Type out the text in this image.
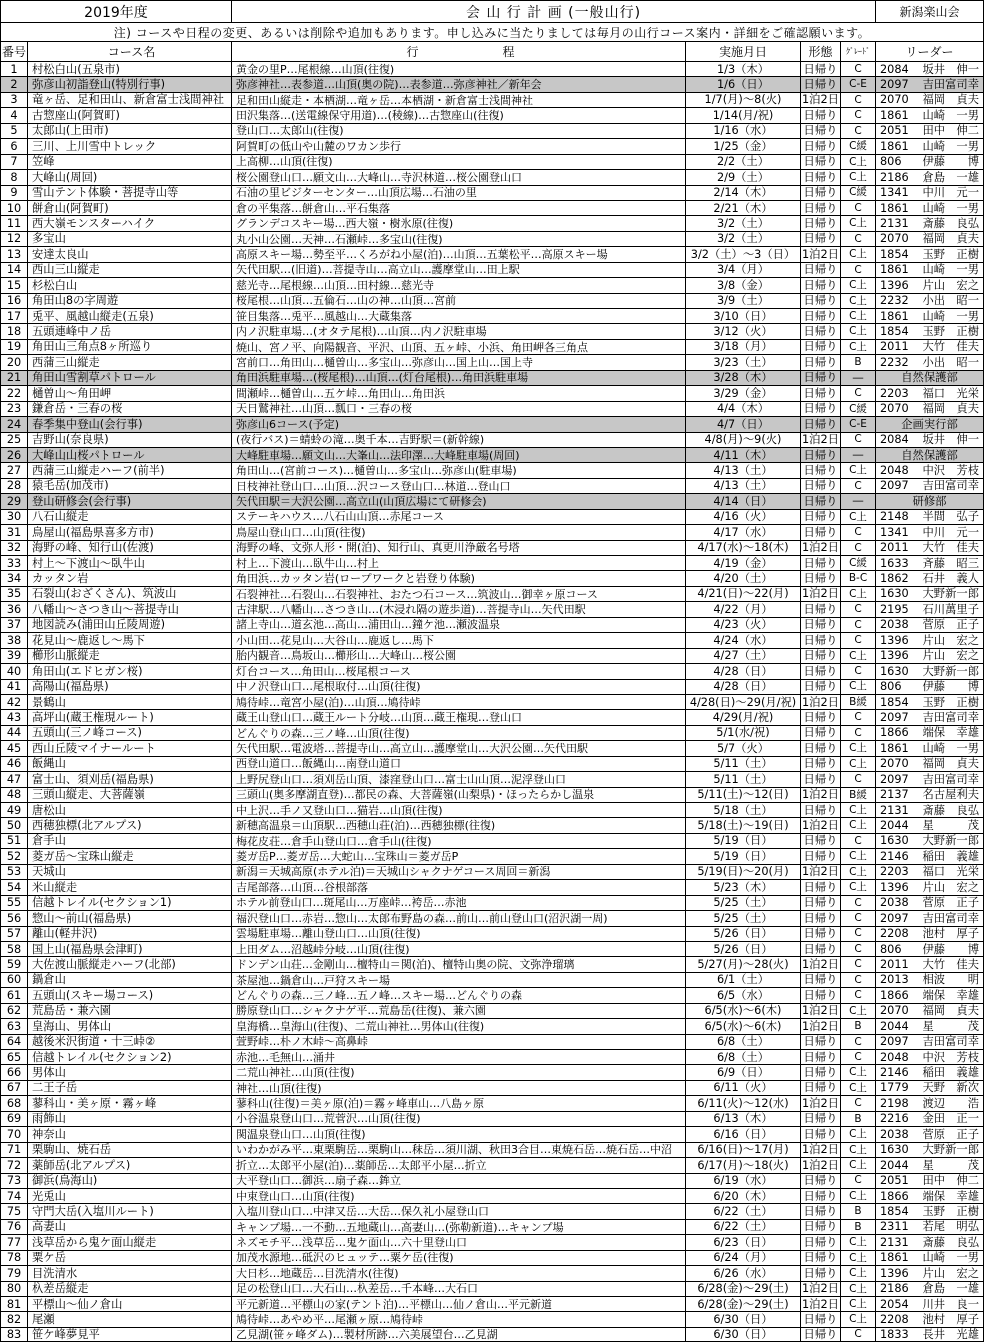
2019年度	会 山 行 計 画 (一般山行)	新潟楽山会
注) コースや日程の変更、あるいは削除や追加もあります。申し込みに当たりましては毎月の山行コース案内・詳細をご確認願います。
番号	コース名	行　　　　　　　程	実施月日	形態	ｸﾞﾚｰﾄﾞ	リーダー
1	村松白山(五泉市)	黄金の里P…尾根線…山頂(往復)	1/3（木）	日帰り	C	2084 坂井　伸一
2	弥彦山初詣登山(特別行事)	弥彦神社…表参道…山頂(奥の院)…表参道…弥彦神社／新年会	1/6（日）	日帰り	C-E	2097 吉田富司幸
3	竜ヶ岳、足和田山、新倉富士浅間神社	足和田山縦走・本栖湖…竜ヶ岳…本栖湖・新倉富士浅間神社	1/7(月)～8(火)	1泊2日	C	2070 福岡　貞夫
4	古惣座山(阿賀町)	田沢集落…(送電線保守用道)…(稜線)…古惣座山(往復)	1/14(月/祝)	日帰り	C	1861 山崎　一男
5	太郎山(上田市)	登山口…太郎山(往復)	1/16（水）	日帰り	C	2051 田中　伸二
6	三川、上川雪中トレック	阿賀町の低山や山麓のワカン歩行	1/25（金）	日帰り	C緩	1861 山崎　一男
7	笠峰	上高柳…山頂(往復)	2/2（土）	日帰り	C上	806 伊藤　　博
8	大峰山(周回)	桜公園登山口…願文山…大峰山…寺沢林道…桜公園登山口	2/9（土）	日帰り	C上	2186 倉島　一雄
9	雪山テント体験・菩提寺山等	石油の里ビジターセンター…山頂広場…石油の里	2/14（木）	日帰り	C緩	1341 中川　元一
10 餅倉山(阿賀町)	倉の平集落…餅倉山…平石集落	2/21（木）	日帰り	C	1861 山崎　一男
11 西大嶺モンスターハイク	グランデコスキー場…西大嶺・樹氷原(往復)	3/2（土）	日帰り	C上	2131 斎藤　良弘
12 多宝山	丸小山公園…天神…石瀬峠…多宝山(往復)	3/2（土）	日帰り	C	2070 福岡　貞夫
13 安達太良山	高原スキー場…勢至平…くろがね小屋(泊)…山頂…五葉松平…高原スキー場	3/2（土）～3（日） 1泊2日 C上	1854 玉野　正樹
14 西山三山縦走	矢代田駅…(旧道)…菩提寺山…高立山…護摩堂山…田上駅	3/4（月）	日帰り	C	1861 山崎　一男
15 杉松白山	慈光寺…尾根線…山頂…田村線…慈光寺	3/8（金）	日帰り	C上	1396 片山　宏之
16 角田山8の字周遊	桜尾根…山頂…五倫石…山の神…山頂…宮前	3/9（土）	日帰り	C上	2232 小出　昭一
17 兎平、風越山縦走(五泉)	笹目集落…兎平…風越山…大蔵集落	3/10（日）	日帰り	C上	1861 山崎　一男
18 五頭連峰中ノ岳	内ノ沢駐車場…(オタテ尾根)…山頂…内ノ沢駐車場	3/12（火）	日帰り	C上	1854 玉野　正樹
19 角田山三角点8ヶ所巡り	焼山、宮ノ平、向陽観音、平沢、山頂、五ヶ峠、小浜、角田岬各三角点	3/18（月）	日帰り	C上	2011 大竹　佳夫
20 西蒲三山縦走	宮前口…角田山…樋曽山…多宝山…弥彦山…国上山…国上寺	3/23（土）	日帰り	B	2232 小出　昭一
21 角田山雪割草パトロール	角田浜駐車場…(桜尾根)…山頂…(灯台尾根)…角田浜駐車場	3/28（木）	日帰り	―	自然保護部
22 樋曽山～角田岬	間瀬峠…樋曽山…五ケ峠…角田山…角田浜	3/29（金）	日帰り	C	2203 福口　光栄
23 鎌倉岳・三春の桜	天日鷲神社…山頂…瓢口・三春の桜	4/4（木）	日帰り	C緩	2070 福岡　貞夫
24 春季集中登山(会行事)	弥彦山6コース(予定)	4/7（日）	日帰り	C-E	企画実行部
25 吉野山(奈良県)	(夜行バス)＝蜻蛉の滝…奥千本…吉野駅＝(新幹線)	4/8(月)～9(火)	1泊2日	C	2084 坂井　伸一
26 大峰山山桜パトロール	大峰駐車場…願文山…大峯山…法印澤…大峰駐車場(周回)	4/11（木）	日帰り	―	自然保護部
27 西蒲三山縦走ハーフ(前半)	角田山…(宮前コース)…樋曽山…多宝山…弥彦山(駐車場)	4/13（土）	日帰り	C上	2048 中沢　芳枝
28 猿毛岳(加茂市)	日枝神社登山口…山頂…沢コース登山口…林道…登山口	4/13（土）	日帰り	C	2097 吉田富司幸
29 登山研修会(会行事)	矢代田駅＝大沢公園…高立山(山頂広場にて研修会)	4/14（日）	日帰り	―	研修部
30 八石山縦走	ステーキハウス…八石山山頂…赤尾コース	4/16（火）	日帰り	C上	2148 半間　弘子
31 鳥屋山(福島県喜多方市)	鳥屋山登山口…山頂(往復)	4/17（水）	日帰り	C	1341 中川　元一
32 海野の峰、知行山(佐渡)	海野の峰、文弥人形・開(泊)、知行山、真更川浄厳名号塔	4/17(水)～18(木)	1泊2日	C	2011 大竹　佳夫
33 村上～下渡山～臥牛山	村上…下渡山…臥牛山…村上	4/19（金）	日帰り	C緩	1633 斉藤　昭三
34 カッタン岩	角田浜…カッタン岩(ロープワークと岩登り体験)	4/20（土）	日帰り	B-C	1862 石井　義人
35 石裂山(おざくさん)、筑波山	石裂神社…石裂山…石裂神社、おたつ石コース…筑波山…御幸ヶ原コース	4/21(日)～22(月)	1泊2日 C上	1630 大野新一郎
36 八幡山～さつき山～菩提寺山	古津駅…八幡山…さつき山…(木浸れ隔の遊歩道)…菩提寺山…矢代田駅	4/22（月）	日帰り	C	2195 石川萬里子
37 地図読み(浦田山丘陵周遊)	諸上寺山…道玄池…高山…浦田山…鐘ケ池…瀬波温泉	4/23（火）	日帰り	C	2038 菅原　正子
38 花見山～鹿返し～馬下	小山田…花見山…大谷山…鹿返し…馬下	4/24（水）	日帰り	C	1396 片山　宏之
39 櫛形山脈縦走	胎内観音…鳥坂山…櫛形山…大峰山…桜公園	4/27（土）	日帰り	C上	1396 片山　宏之
40 角田山(エドヒガン桜)	灯台コース…角田山…桜尾根コース	4/28（日）	日帰り	C	1630 大野新一郎
41 高陽山(福島県)	中ノ沢登山口…尾根取付…山頂(往復)	4/28（日）	日帰り	C上	806 伊藤　　博
42 景鶴山	鳩待峠…竜宮小屋(泊)…山頂…鳩待峠	4/28(日)～29(月/祝) 1泊2日 B緩	1854 玉野　正樹
43 高坪山(蔵王権現ルート)	蔵王山登山口…蔵王ルート分岐…山頂…蔵王権現…登山口	4/29(月/祝)	日帰り	C	2097 吉田富司幸
44 五頭山(三ノ峰コース)	どんぐりの森…三ノ峰…山頂(往復)	5/1(水/祝)	日帰り	C	1866 端保　幸雄
45 西山丘陵マイナールート	矢代田駅…電波塔…菩提寺山…高立山…護摩堂山…大沢公園…矢代田駅	5/7（火）	日帰り	C上	1861 山崎　一男
46 飯縄山	西登山道口…飯縄山…南登山道口	5/11（土）	日帰り	C上	2070 福岡　貞夫
47 富士山、須刈岳(福島県)	上野尻登山口…須刈岳山頂、漆窪登山口…富士山山頂…泥浮登山口	5/11（土）	日帰り	C	2097 吉田富司幸
48 三頭山縦走、大菩薩嶺	三頭山(奥多摩湖直登)…都民の森、大菩薩嶺(山梨県)・ほったらかし温泉	5/11(土)～12(日)	1泊2日 B緩	2137 名古屋利夫
49 唐松山	中上沢…手ノ又登山口…猫岩…山頂(往復)	5/18（土）	日帰り	C上	2131 斎藤　良弘
50 西穂独標(北アルプス)	新穂高温泉＝山頂駅…西穂山荘(泊)…西穂独標(往復)	5/18(土)～19(日)	1泊2日 C上	2044 星　　　茂
51 倉手山	梅花皮荘…倉手山登山口…倉手山(往復)	5/19（日）	日帰り	C	1630 大野新一郎
52 菱ガ岳～宝珠山縦走	菱ガ岳P…菱ガ岳…大蛇山…宝珠山＝菱ガ岳P	5/19（日）	日帰り	C上	2146 稲田　義雄
53 天城山	新潟＝天城高原(ホテル泊)＝天城山シャクナゲコース周回＝新潟	5/19(日)～20(月)	1泊2日 C上	2203 福口　光栄
54 米山縦走	吉尾部落…山頂…谷根部落	5/23（木）	日帰り	C上	1396 片山　宏之
55 信越トレイル(セクション1)	ホテル前登山口…斑尾山…万座峠…袴岳…赤池	5/25（土）	日帰り	C	2038 菅原　正子
56 惣山～前山(福島県)	福沢登山口…赤岩…惣山…太郎布野島の森…前山…前山登山口(沼沢湖一周)	5/25（土）	日帰り	C	2097 吉田富司幸
57 離山(軽井沢)	雲場駐車場…離山登山口…山頂(往復)	5/26（日）	日帰り	C	2208 池村　厚子
58 国上山(福島県会津町)	上田ダム…沼越峠分岐…山頂(往復)	5/26（日）	日帰り	C	806 伊藤　　博
59 大佐渡山脈縦走ハーフ(北部)	ドンデン山荘…金剛山…檀特山＝関(泊)、檀特山奥の院、文弥浄瑠璃	5/27(月)～28(火)	1泊2日	C	2011 大竹　佳夫
60 鍋倉山	茶屋池…鍋倉山…戸狩スキー場	6/1（土）	日帰り	C	2013 相波　　明
61 五頭山(スキー場コース)	どんぐりの森…三ノ峰…五ノ峰…スキー場…どんぐりの森	6/5（水）	日帰り	C	1866 端保　幸雄
62 荒島岳・兼六園	勝原登山口…シャクナゲ平…荒島岳(往復)、兼六園	6/5(水)～6(木)	1泊2日 C上	2070 福岡　貞夫
63 皇海山、男体山	皇海橋…皇海山(往復)、二荒山神社…男体山(往復)	6/5(水)～6(木)	1泊2日	B	2044 星　　　茂
64 越後米沢街道・十三峠②	萱野峠…朴ノ木峠～高鼻峠	6/8（土）	日帰り	C	2097 吉田富司幸
65 信越トレイル(セクション2)	赤池…毛無山…涌井	6/8（土）	日帰り	C	2048 中沢　芳枝
66 男体山	二荒山神社…山頂(往復)	6/9（日）	日帰り	C上	2146 稲田　義雄
67 二王子岳	神社…山頂(往復)	6/11（火）	日帰り	C上	1779 天野　新次
68 蓼科山・美ヶ原・霧ヶ峰	蓼科山(往復)＝美ヶ原(泊)＝霧ヶ峰車山…八島ヶ原	6/11(火)～12(水)	1泊2日	C	2198 渡辺　　浩
69 雨飾山	小谷温泉登山口…荒菅沢…山頂(往復)	6/13（木）	日帰り	B	2216 金田　正一
70 神奈山	関温泉登山口…山頂(往復)	6/16（日）	日帰り	C上	2038 菅原　正子
71 栗駒山、焼石岳	いわかがみ平…東栗駒岳…栗駒山…秣岳…須川湖、秋田3合目…東焼石岳…焼石岳…中沼	6/16(日)～17(月)	1泊2日 C上	1630 大野新一郎
72 薬師岳(北アルプス)	折立…太郎平小屋(泊)…薬師岳…太郎平小屋…折立	6/17(月)～18(火)	1泊2日 C上	2044 星　　　茂
73 御浜(鳥海山)	大平登山口…御浜…扇子森…鉾立	6/19（水）	日帰り	C	2051 田中　伸二
74 光兎山	中束登山口…山頂(往復)	6/20（木）	日帰り	C上	1866 端保　幸雄
75 守門大岳(入塩川ルート)	入塩川登山口…中津又岳…大岳…保久礼小屋登山口	6/22（土）	日帰り	B	1854 玉野　正樹
76 高妻山	キャンプ場…一不動…五地蔵山…高妻山…(弥勒新道)…キャンプ場	6/22（土）	日帰り	B	2311 若尾　明弘
77 浅草岳から鬼ケ面山縦走	ネズモチ平…浅草岳…鬼ケ面山…六十里登山口	6/23（日）	日帰り	C上	2131 斎藤　良弘
78 粟ケ岳	加茂水源地…砥沢のヒュッテ…粟ケ岳(往復)	6/24（月）	日帰り	C上	1861 山崎　一男
79 目洗清水	大日杉…地蔵岳…目洗清水(往復)	6/26（水）	日帰り	C上	1396 片山　宏之
80 杁差岳縦走	足の松登山口…大石山…杁差岳…千本峰…大石口	6/28(金)～29(土)	1泊2日 C上	2186 倉島　一雄
81 平標山～仙ノ倉山	平元新道…平標山の家(テント泊)…平標山…仙ノ倉山…平元新道	6/28(金)～29(土)	1泊2日 C上	2054 川井　良一
82 尾瀬	鳩待峠…あやめ平…尾瀬ヶ原…鳩待峠	6/30（日）	日帰り	C上	2208 池村　厚子
83 笹ケ峰夢見平	乙見湖(笹ヶ峰ダム)…製材所跡…六美展望台…乙見湖	6/30（日）	日帰り	C	1833 長井　光雄
